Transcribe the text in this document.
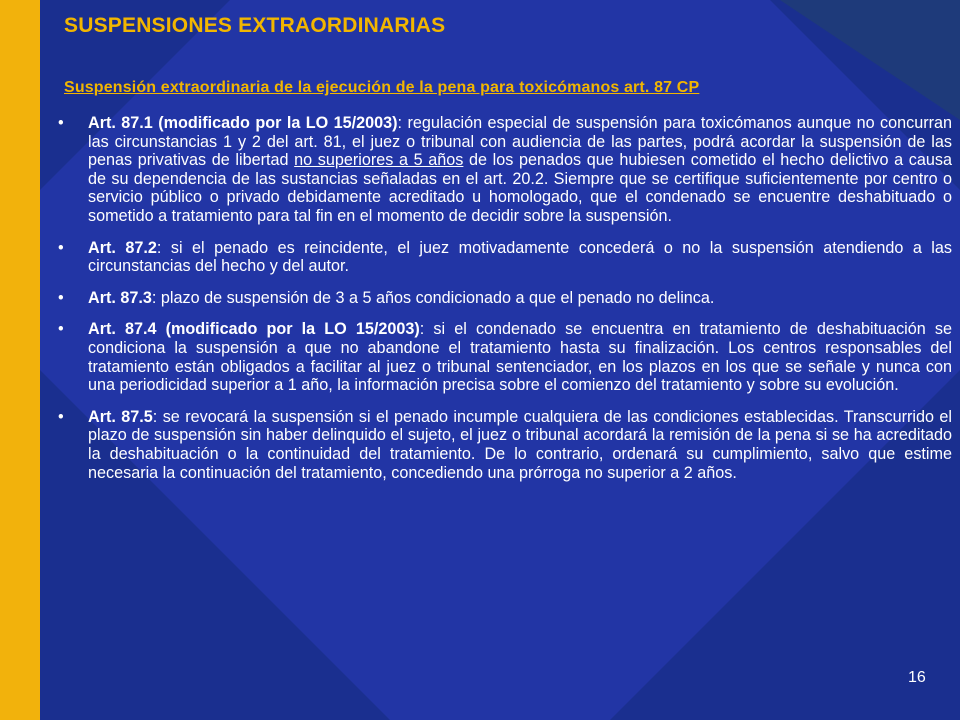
SUSPENSIONES EXTRAORDINARIAS
Suspensión extraordinaria de la ejecución de la pena para toxicómanos art. 87 CP
• Art. 87.1 (modificado por la LO 15/2003): regulación especial de suspensión para toxicómanos aunque no concurran las circunstancias 1 y 2 del art. 81, el juez o tribunal con audiencia de las partes, podrá acordar la suspensión de las penas privativas de libertad no superiores a 5 años de los penados que hubiesen cometido el hecho delictivo a causa de su dependencia de las sustancias señaladas en el art. 20.2. Siempre que se certifique suficientemente por centro o servicio público o privado debidamente acreditado u homologado, que el condenado se encuentre deshabituado o sometido a tratamiento para tal fin en el momento de decidir sobre la suspensión.
• Art. 87.2: si el penado es reincidente, el juez motivadamente concederá o no la suspensión atendiendo a las circunstancias del hecho y del autor.
• Art. 87.3: plazo de suspensión de 3 a 5 años condicionado a que el penado no delinca.
• Art. 87.4 (modificado por la LO 15/2003): si el condenado se encuentra en tratamiento de deshabituación se condiciona la suspensión a que no abandone el tratamiento hasta su finalización. Los centros responsables del tratamiento están obligados a facilitar al juez o tribunal sentenciador, en los plazos en los que se señale y nunca con una periodicidad superior a 1 año, la información precisa sobre el comienzo del tratamiento y sobre su evolución.
• Art. 87.5: se revocará la suspensión si el penado incumple cualquiera de las condiciones establecidas. Transcurrido el plazo de suspensión sin haber delinquido el sujeto, el juez o tribunal acordará la remisión de la pena si se ha acreditado la deshabituación o la continuidad del tratamiento. De lo contrario, ordenará su cumplimiento, salvo que estime necesaria la continuación del tratamiento, concediendo una prórroga no superior a 2 años.
16
